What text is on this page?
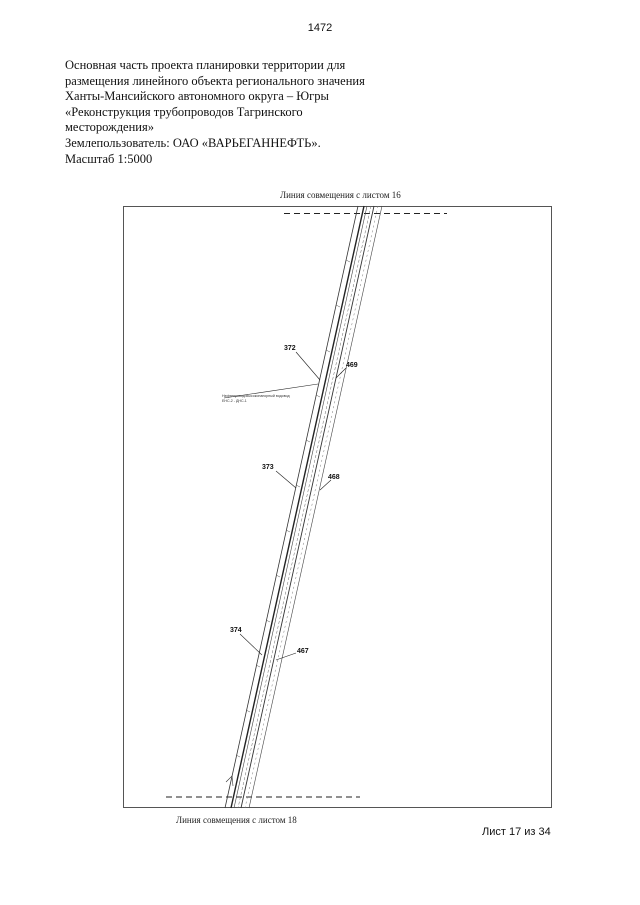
1472
Основная часть проекта планировки территории для
размещения линейного объекта регионального значения
Ханты-Мансийского автономного округа – Югры
«Реконструкция трубопроводов Тагринского
месторождения»
Землепользователь: ОАО «ВАРЬЕГАННЕФТЬ».
Масштаб 1:5000
Линия совмещения с листом 16
Нефтепровод/Высоконапорный водовод
ЕНС-2 - ДНС-1
372
469
373
468
374
467
Линия совмещения с листом 18
Лист 17 из 34
